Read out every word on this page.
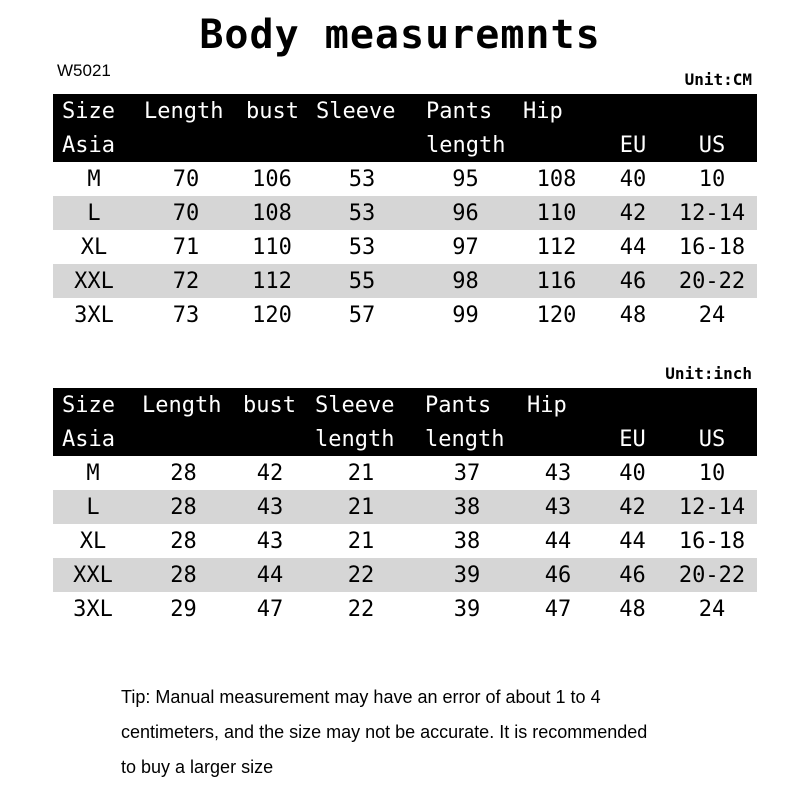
Body measuremnts
W5021	Unit:CM
Size	Length	bust	Sleeve	Pants	Hip		
Asia				length		EU	US
M	70	106	53	95	108	40	10
L	70	108	53	96	110	42	12-14
XL	71	110	53	97	112	44	16-18
XXL	72	112	55	98	116	46	20-22
3XL	73	120	57	99	120	48	24
Unit:inch
Size	Length	bust	Sleeve	Pants	Hip		
Asia			length	length		EU	US
M	28	42	21	37	43	40	10
L	28	43	21	38	43	42	12-14
XL	28	43	21	38	44	44	16-18
XXL	28	44	22	39	46	46	20-22
3XL	29	47	22	39	47	48	24
Tip: Manual measurement may have an error of about 1 to 4
centimeters, and the size may not be accurate. It is recommended
to buy a larger size
